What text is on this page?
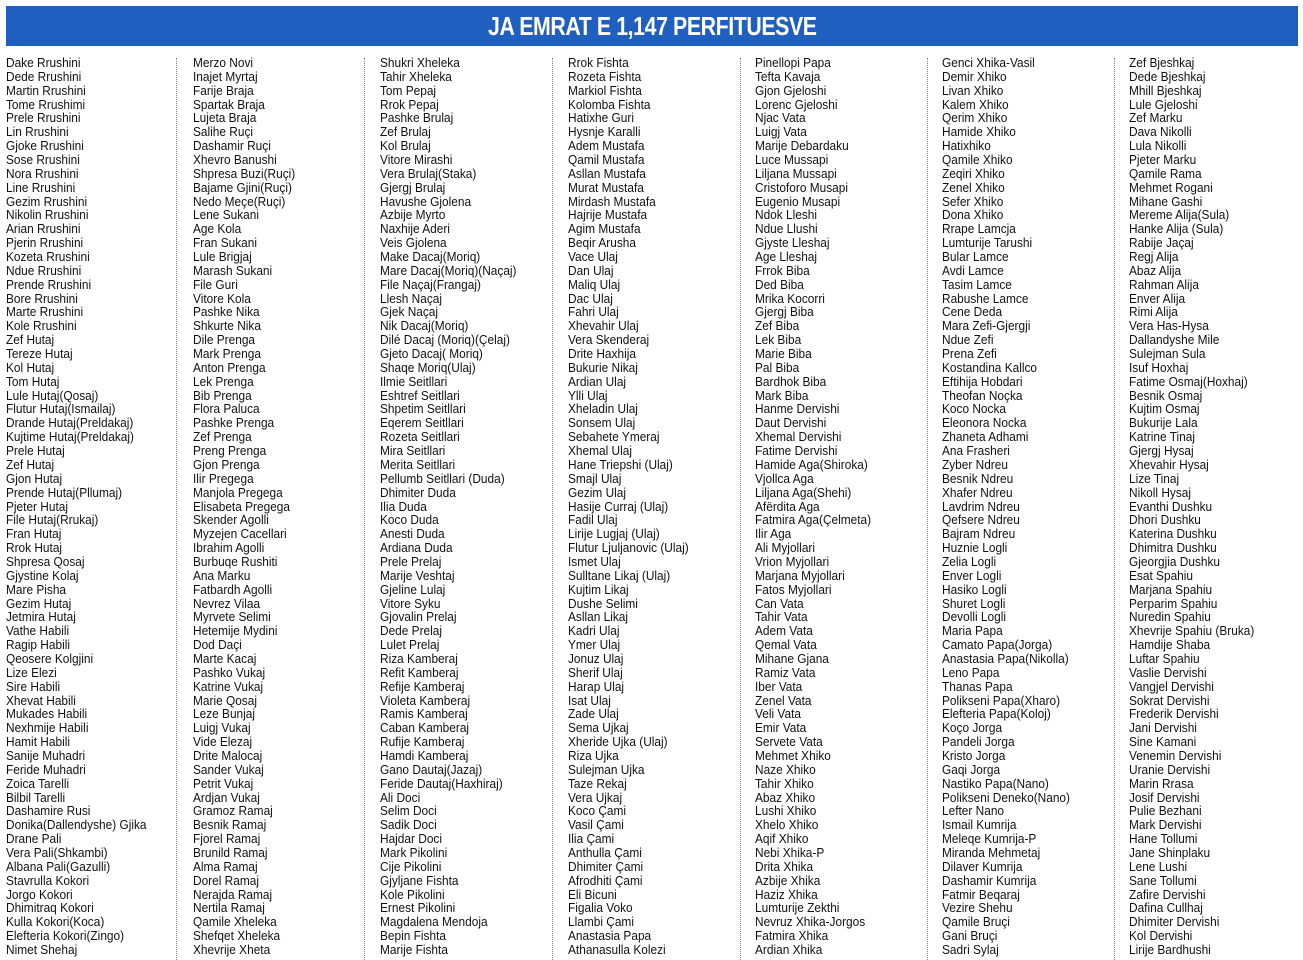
JA EMRAT E 1,147 PERFITUESVE
Dake Rrushini
Dede Rrushini
Martin Rrushini
Tome Rrushimi
Prele Rrushini
Lin Rrushini
Gjoke Rrushini
Sose Rrushini
Nora Rrushini
Line Rrushini
Gezim Rrushini
Nikolin Rrushini
Arian Rrushini
Pjerin Rrushini
Kozeta Rrushini
Ndue Rrushini
Prende Rrushini
Bore Rrushini
Marte Rrushini
Kole Rrushini
Zef Hutaj
Tereze Hutaj
Kol Hutaj
Tom Hutaj
Lule Hutaj(Qosaj)
Flutur Hutaj(Ismailaj)
Drande Hutaj(Preldakaj)
Kujtime Hutaj(Preldakaj)
Prele Hutaj
Zef Hutaj
Gjon Hutaj
Prende Hutaj(Pllumaj)
Pjeter Hutaj
File Hutaj(Rrukaj)
Fran Hutaj
Rrok Hutaj
Shpresa Qosaj
Gjystine Kolaj
Mare Pisha
Gezim Hutaj
Jetmira Hutaj
Vathe Habili
Ragip Habili
Qeosere Kolgjini
Lize Elezi
Sire Habili
Xhevat Habili
Mukades Habili
Nexhmije Habili
Hamit Habili
Sanije Muhadri
Feride Muhadri
Zoica Tarelli
Bilbil Tarelli
Dashamire Rusi
Donika(Dallendyshe) Gjika
Drane Pali
Vera Pali(Shkambi)
Albana Pali(Gazulli)
Stavrulla Kokori
Jorgo Kokori
Dhimitraq Kokori
Kulla Kokori(Koca)
Elefteria Kokori(Zingo)
Nimet Shehaj
Merzo Novi
Inajet Myrtaj
Farije Braja
Spartak Braja
Lujeta Braja
Salihe Ruçi
Dashamir Ruçi
Xhevro Banushi
Shpresa Buzi(Ruçi)
Bajame Gjini(Ruçi)
Nedo Meçe(Ruçi)
Lene Sukani
Age Kola
Fran Sukani
Lule Brigjaj
Marash Sukani
File Guri
Vitore Kola
Pashke Nika
Shkurte Nika
Dile Prenga
Mark Prenga
Anton Prenga
Lek Prenga
Bib Prenga
Flora Paluca
Pashke Prenga
Zef Prenga
Preng Prenga
Gjon Prenga
Ilir Pregega
Manjola Pregega
Elisabeta Pregega
Skender Agolli
Myzejen Cacellari
Ibrahim Agolli
Burbuqe Rushiti
Ana Marku
Fatbardh Agolli
Nevrez Vilaa
Myrvete Selimi
Hetemije Mydini
Dod Daçi
Marte Kacaj
Pashko Vukaj
Katrine Vukaj
Marie Qosaj
Leze Bunjaj
Luigj Vukaj
Vide Elezaj
Drite Malocaj
Sander Vukaj
Petrit Vukaj
Ardjan Vukaj
Gramoz Ramaj
Besnik Ramaj
Fjorel Ramaj
Brunild Ramaj
Alma Ramaj
Dorel Ramaj
Nerajda Ramaj
Nertila Ramaj
Qamile Xheleka
Shefqet Xheleka
Xhevrije Xheta
Shukri Xheleka
Tahir Xheleka
Tom Pepaj
Rrok Pepaj
Pashke Brulaj
Zef Brulaj
Kol Brulaj
Vitore Mirashi
Vera Brulaj(Staka)
Gjergj Brulaj
Havushe Gjolena
Azbije Myrto
Naxhije Aderi
Veis Gjolena
Make Dacaj(Moriq)
Mare Dacaj(Moriq)(Naçaj)
File Naçaj(Frangaj)
Llesh Naçaj
Gjek Naçaj
Nik Dacaj(Moriq)
Dilé Dacaj (Moriq)(Çelaj)
Gjeto Dacaj( Moriq)
Shaqe Moriq(Ulaj)
Ilmie Seitllari
Eshtref Seitllari
Shpetim Seitllari
Eqerem Seitllari
Rozeta Seitllari
Mira Seitllari
Merita Seitllari
Pellumb Seitllari (Duda)
Dhimiter Duda
Ilia Duda
Koco Duda
Anesti Duda
Ardiana Duda
Prele Prelaj
Marije Veshtaj
Gjeline Lulaj
Vitore Syku
Gjovalin Prelaj
Dede Prelaj
Lulet Prelaj
Riza Kamberaj
Refit Kamberaj
Refije Kamberaj
Violeta Kamberaj
Ramis Kamberaj
Caban Kamberaj
Rufije Kamberaj
Hamdi Kamberaj
Gano Dautaj(Jazaj)
Feride Dautaj(Haxhiraj)
Ali Doci
Selim Doci
Sadik Doci
Hajdar Doci
Mark Pikolini
Cije Pikolini
Gjyljane Fishta
Kole Pikolini
Ernest Pikolini
Magdalena Mendoja
Bepin Fishta
Marije Fishta
Rrok Fishta
Rozeta Fishta
Markiol Fishta
Kolomba Fishta
Hatixhe Guri
Hysnje Karalli
Adem Mustafa
Qamil Mustafa
Asllan Mustafa
Murat Mustafa
Mirdash Mustafa
Hajrije Mustafa
Agim Mustafa
Beqir Arusha
Vace Ulaj
Dan Ulaj
Maliq Ulaj
Dac Ulaj
Fahri Ulaj
Xhevahir Ulaj
Vera Skenderaj
Drite Haxhija
Bukurie Nikaj
Ardian Ulaj
Ylli Ulaj
Xheladin Ulaj
Sonsem Ulaj
Sebahete Ymeraj
Xhemal Ulaj
Hane Triepshi (Ulaj)
Smajl Ulaj
Gezim Ulaj
Hasije Curraj (Ulaj)
Fadil Ulaj
Lirije Lugjaj (Ulaj)
Flutur Ljuljanovic (Ulaj)
Ismet Ulaj
Sulltane Likaj (Ulaj)
Kujtim Likaj
Dushe Selimi
Asllan Likaj
Kadri Ulaj
Ymer Ulaj
Jonuz Ulaj
Sherif Ulaj
Harap Ulaj
Isat Ulaj
Zade Ulaj
Sema Ujkaj
Xheride Ujka (Ulaj)
Riza Ujka
Sulejman Ujka
Taze Rekaj
Vera Ujkaj
Koco Çami
Vasil Çami
Ilia Çami
Anthulla Çami
Dhimiter Çami
Afrodhiti Çami
Eli Bicuni
Figalia Voko
Llambi Çami
Anastasia Papa
Athanasulla Kolezi
Pinellopi Papa
Tefta Kavaja
Gjon Gjeloshi
Lorenc Gjeloshi
Njac Vata
Luigj Vata
Marije Debardaku
Luce Mussapi
Liljana Mussapi
Cristoforo Musapi
Eugenio Musapi
Ndok Lleshi
Ndue Llushi
Gjyste Lleshaj
Age Lleshaj
Frrok Biba
Ded Biba
Mrika Kocorri
Gjergj Biba
Zef Biba
Lek Biba
Marie Biba
Pal Biba
Bardhok Biba
Mark Biba
Hanme Dervishi
Daut Dervishi
Xhemal Dervishi
Fatime Dervishi
Hamide Aga(Shiroka)
Vjollca Aga
Liljana Aga(Shehi)
Afërdita Aga
Fatmira Aga(Çelmeta)
Ilir Aga
Ali Myjollari
Vrion Myjollari
Marjana Myjollari
Fatos Myjollari
Can Vata
Tahir Vata
Adem Vata
Qemal Vata
Mihane Gjana
Ramiz Vata
Iber Vata
Zenel Vata
Veli Vata
Emir Vata
Servete Vata
Mehmet Xhiko
Naze Xhiko
Tahir Xhiko
Abaz Xhiko
Lushi Xhiko
Xhelo Xhiko
Aqif Xhiko
Nebi Xhika-P
Drita Xhika
Azbije Xhika
Haziz Xhika
Lumturije Zekthi
Nevruz Xhika-Jorgos
Fatmira Xhika
Ardian Xhika
Genci Xhika-Vasil
Demir Xhiko
Livan Xhiko
Kalem Xhiko
Qerim Xhiko
Hamide Xhiko
Hatixhiko
Qamile Xhiko
Zeqiri Xhiko
Zenel Xhiko
Sefer Xhiko
Dona Xhiko
Rrape Lamcja
Lumturije Tarushi
Bular Lamce
Avdi Lamce
Tasim Lamce
Rabushe Lamce
Cene Deda
Mara Zefi-Gjergji
Ndue Zefi
Prena Zefi
Kostandina Kallco
Eftihija Hobdari
Theofan Noçka
Koco Nocka
Eleonora Nocka
Zhaneta Adhami
Ana Frasheri
Zyber Ndreu
Besnik Ndreu
Xhafer Ndreu
Lavdrim Ndreu
Qefsere Ndreu
Bajram Ndreu
Huznie Logli
Zelia Logli
Enver Logli
Hasiko Logli
Shuret Logli
Devolli Logli
Maria Papa
Camato Papa(Jorga)
Anastasia Papa(Nikolla)
Leno Papa
Thanas Papa
Polikseni Papa(Xharo)
Elefteria Papa(Koloj)
Koço Jorga
Pandeli Jorga
Kristo Jorga
Gaqi Jorga
Nastiko Papa(Nano)
Polikseni Deneko(Nano)
Lefter Nano
Ismail Kumrija
Meleqe Kumrija-P
Miranda Mehmetaj
Dilaver Kumrija
Dashamir Kumrija
Fatmir Beqaraj
Vezire Shehu
Qamile Bruçi
Gani Bruçi
Sadri Sylaj
Zef Bjeshkaj
Dede Bjeshkaj
Mhill Bjeshkaj
Lule Gjeloshi
Zef Marku
Dava Nikolli
Lula Nikolli
Pjeter Marku
Qamile Rama
Mehmet Rogani
Mihane Gashi
Mereme Alija(Sula)
Hanke Alija (Sula)
Rabije Jaçaj
Regj Alija
Abaz Alija
Rahman Alija
Enver Alija
Rimi Alija
Vera Has-Hysa
Dallandyshe Mile
Sulejman Sula
Isuf Hoxhaj
Fatime Osmaj(Hoxhaj)
Besnik Osmaj
Kujtim Osmaj
Bukurije Lala
Katrine Tinaj
Gjergj Hysaj
Xhevahir Hysaj
Lize Tinaj
Nikoll Hysaj
Evanthi Dushku
Dhori Dushku
Katerina Dushku
Dhimitra Dushku
Gjeorgjia Dushku
Esat Spahiu
Marjana Spahiu
Perparim Spahiu
Nuredin Spahiu
Xhevrije Spahiu (Bruka)
Hamdije Shaba
Luftar Spahiu
Vaslie Dervishi
Vangjel Dervishi
Sokrat Dervishi
Frederik Dervishi
Jani Dervishi
Sine Kamani
Venemin Dervishi
Uranie Dervishi
Marin Rrasa
Josif Dervishi
Pulie Bezhani
Mark Dervishi
Hane Tollumi
Jane Shinplaku
Lene Lushi
Sane Tollumi
Zafire Dervishi
Dafina Cullhaj
Dhimiter Dervishi
Kol Dervishi
Lirije Bardhushi
